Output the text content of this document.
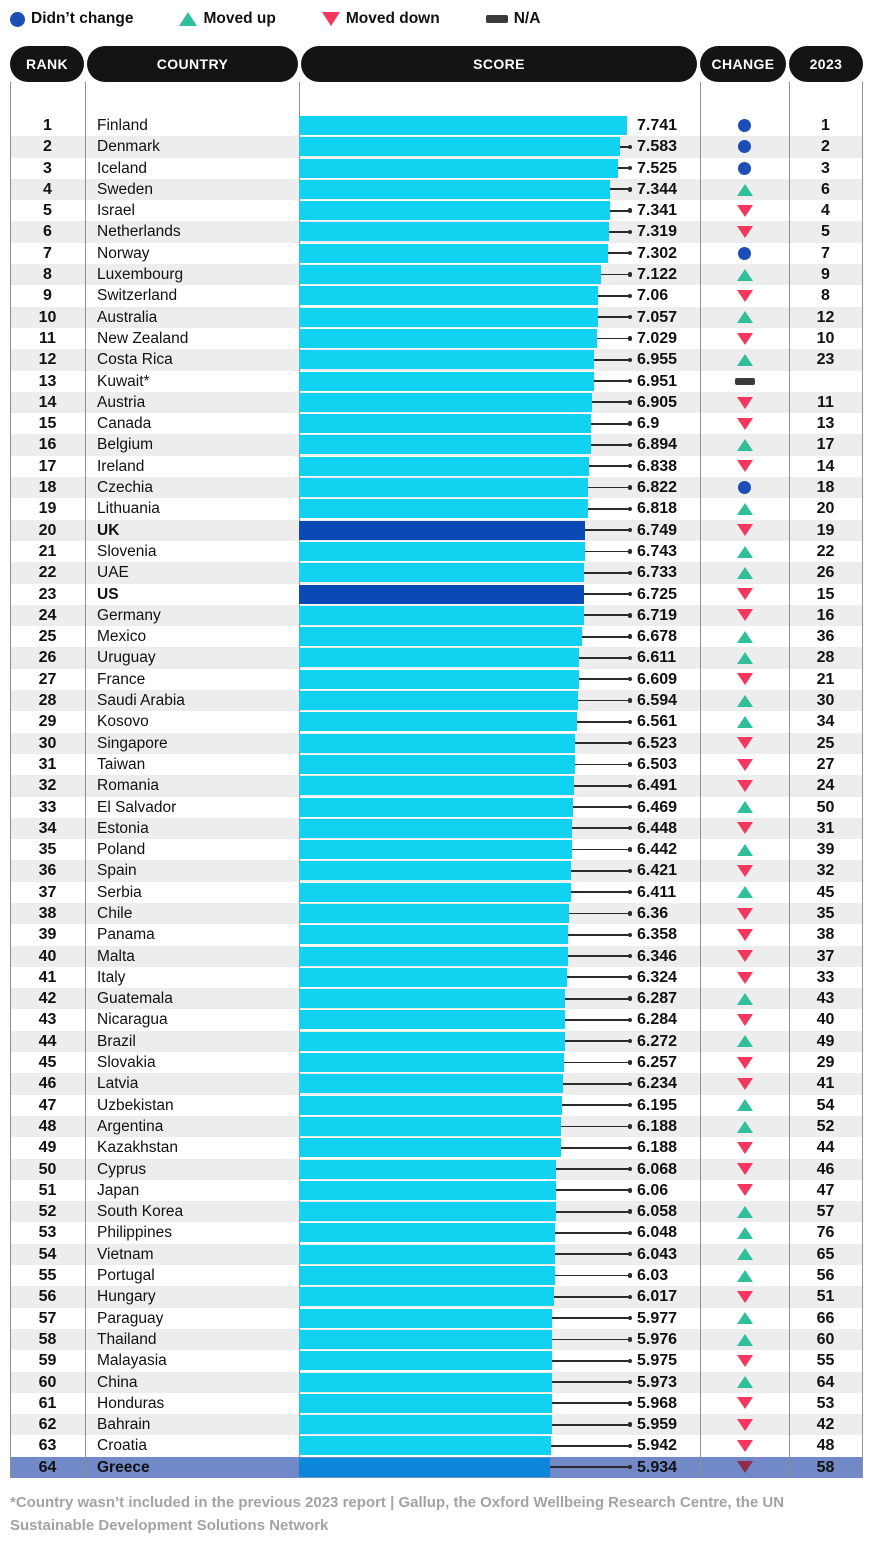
Didn’t change	Moved up	Moved down	N/A
RANK	COUNTRY	SCORE	CHANGE	2023
1	Finland	7.741	1
2	Denmark	7.583	2
3	Iceland	7.525	3
4	Sweden	7.344	6
5	Israel	7.341	4
6	Netherlands	7.319	5
7	Norway	7.302	7
8	Luxembourg	7.122	9
9	Switzerland	7.06	8
10	Australia	7.057	12
11	New Zealand	7.029	10
12	Costa Rica	6.955	23
13	Kuwait*	6.951
14	Austria	6.905	11
15	Canada	6.9	13
16	Belgium	6.894	17
17	Ireland	6.838	14
18	Czechia	6.822	18
19	Lithuania	6.818	20
20	UK	6.749	19
21	Slovenia	6.743	22
22	UAE	6.733	26
23	US	6.725	15
24	Germany	6.719	16
25	Mexico	6.678	36
26	Uruguay	6.611	28
27	France	6.609	21
28	Saudi Arabia	6.594	30
29	Kosovo	6.561	34
30	Singapore	6.523	25
31	Taiwan	6.503	27
32	Romania	6.491	24
33	El Salvador	6.469	50
34	Estonia	6.448	31
35	Poland	6.442	39
36	Spain	6.421	32
37	Serbia	6.411	45
38	Chile	6.36	35
39	Panama	6.358	38
40	Malta	6.346	37
41	Italy	6.324	33
42	Guatemala	6.287	43
43	Nicaragua	6.284	40
44	Brazil	6.272	49
45	Slovakia	6.257	29
46	Latvia	6.234	41
47	Uzbekistan	6.195	54
48	Argentina	6.188	52
49	Kazakhstan	6.188	44
50	Cyprus	6.068	46
51	Japan	6.06	47
52	South Korea	6.058	57
53	Philippines	6.048	76
54	Vietnam	6.043	65
55	Portugal	6.03	56
56	Hungary	6.017	51
57	Paraguay	5.977	66
58	Thailand	5.976	60
59	Malayasia	5.975	55
60	China	5.973	64
61	Honduras	5.968	53
62	Bahrain	5.959	42
63	Croatia	5.942	48
64	Greece	5.934	58
*Country wasn’t included in the previous 2023 report | Gallup, the Oxford Wellbeing Research Centre, the UN Sustainable Development Solutions Network
